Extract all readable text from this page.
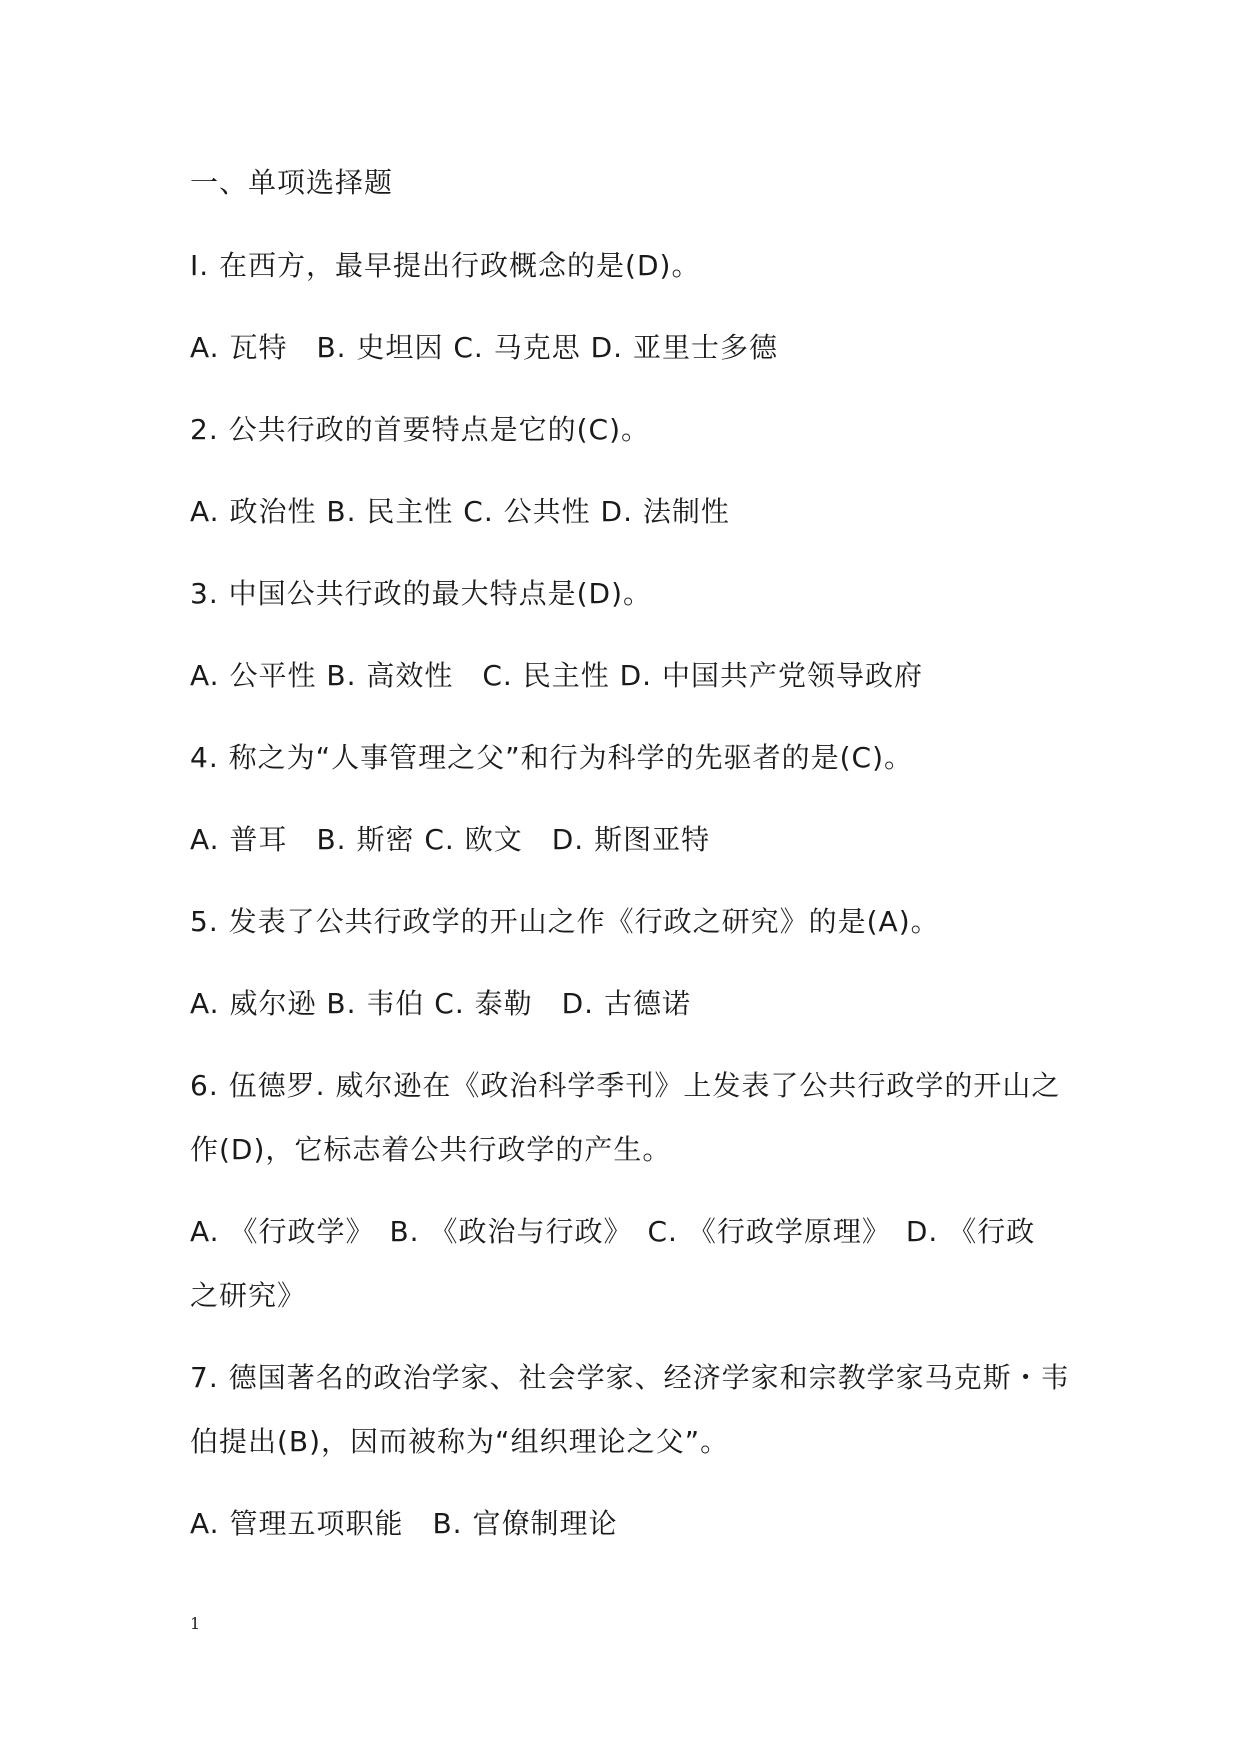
一、单项选择题
I. 在西方，最早提出行政概念的是(D)。
A. 瓦特　B. 史坦因 C. 马克思 D. 亚里士多德
2. 公共行政的首要特点是它的(C)。
A. 政治性 B. 民主性 C. 公共性 D. 法制性
3. 中国公共行政的最大特点是(D)。
A. 公平性 B. 高效性　C. 民主性 D. 中国共产党领导政府
4. 称之为“人事管理之父”和行为科学的先驱者的是(C)。
A. 普耳　B. 斯密 C. 欧文　D. 斯图亚特
5. 发表了公共行政学的开山之作《行政之研究》的是(A)。
A. 威尔逊 B. 韦伯 C. 泰勒　D. 古德诺
6. 伍德罗. 威尔逊在《政治科学季刊》上发表了公共行政学的开山之
作(D)，它标志着公共行政学的产生。
A. 《行政学》　B. 《政治与行政》　C. 《行政学原理》　D. 《行政
之研究》
7. 德国著名的政治学家、社会学家、经济学家和宗教学家马克斯・韦
伯提出(B)，因而被称为“组织理论之父”。
A. 管理五项职能　B. 官僚制理论
1
